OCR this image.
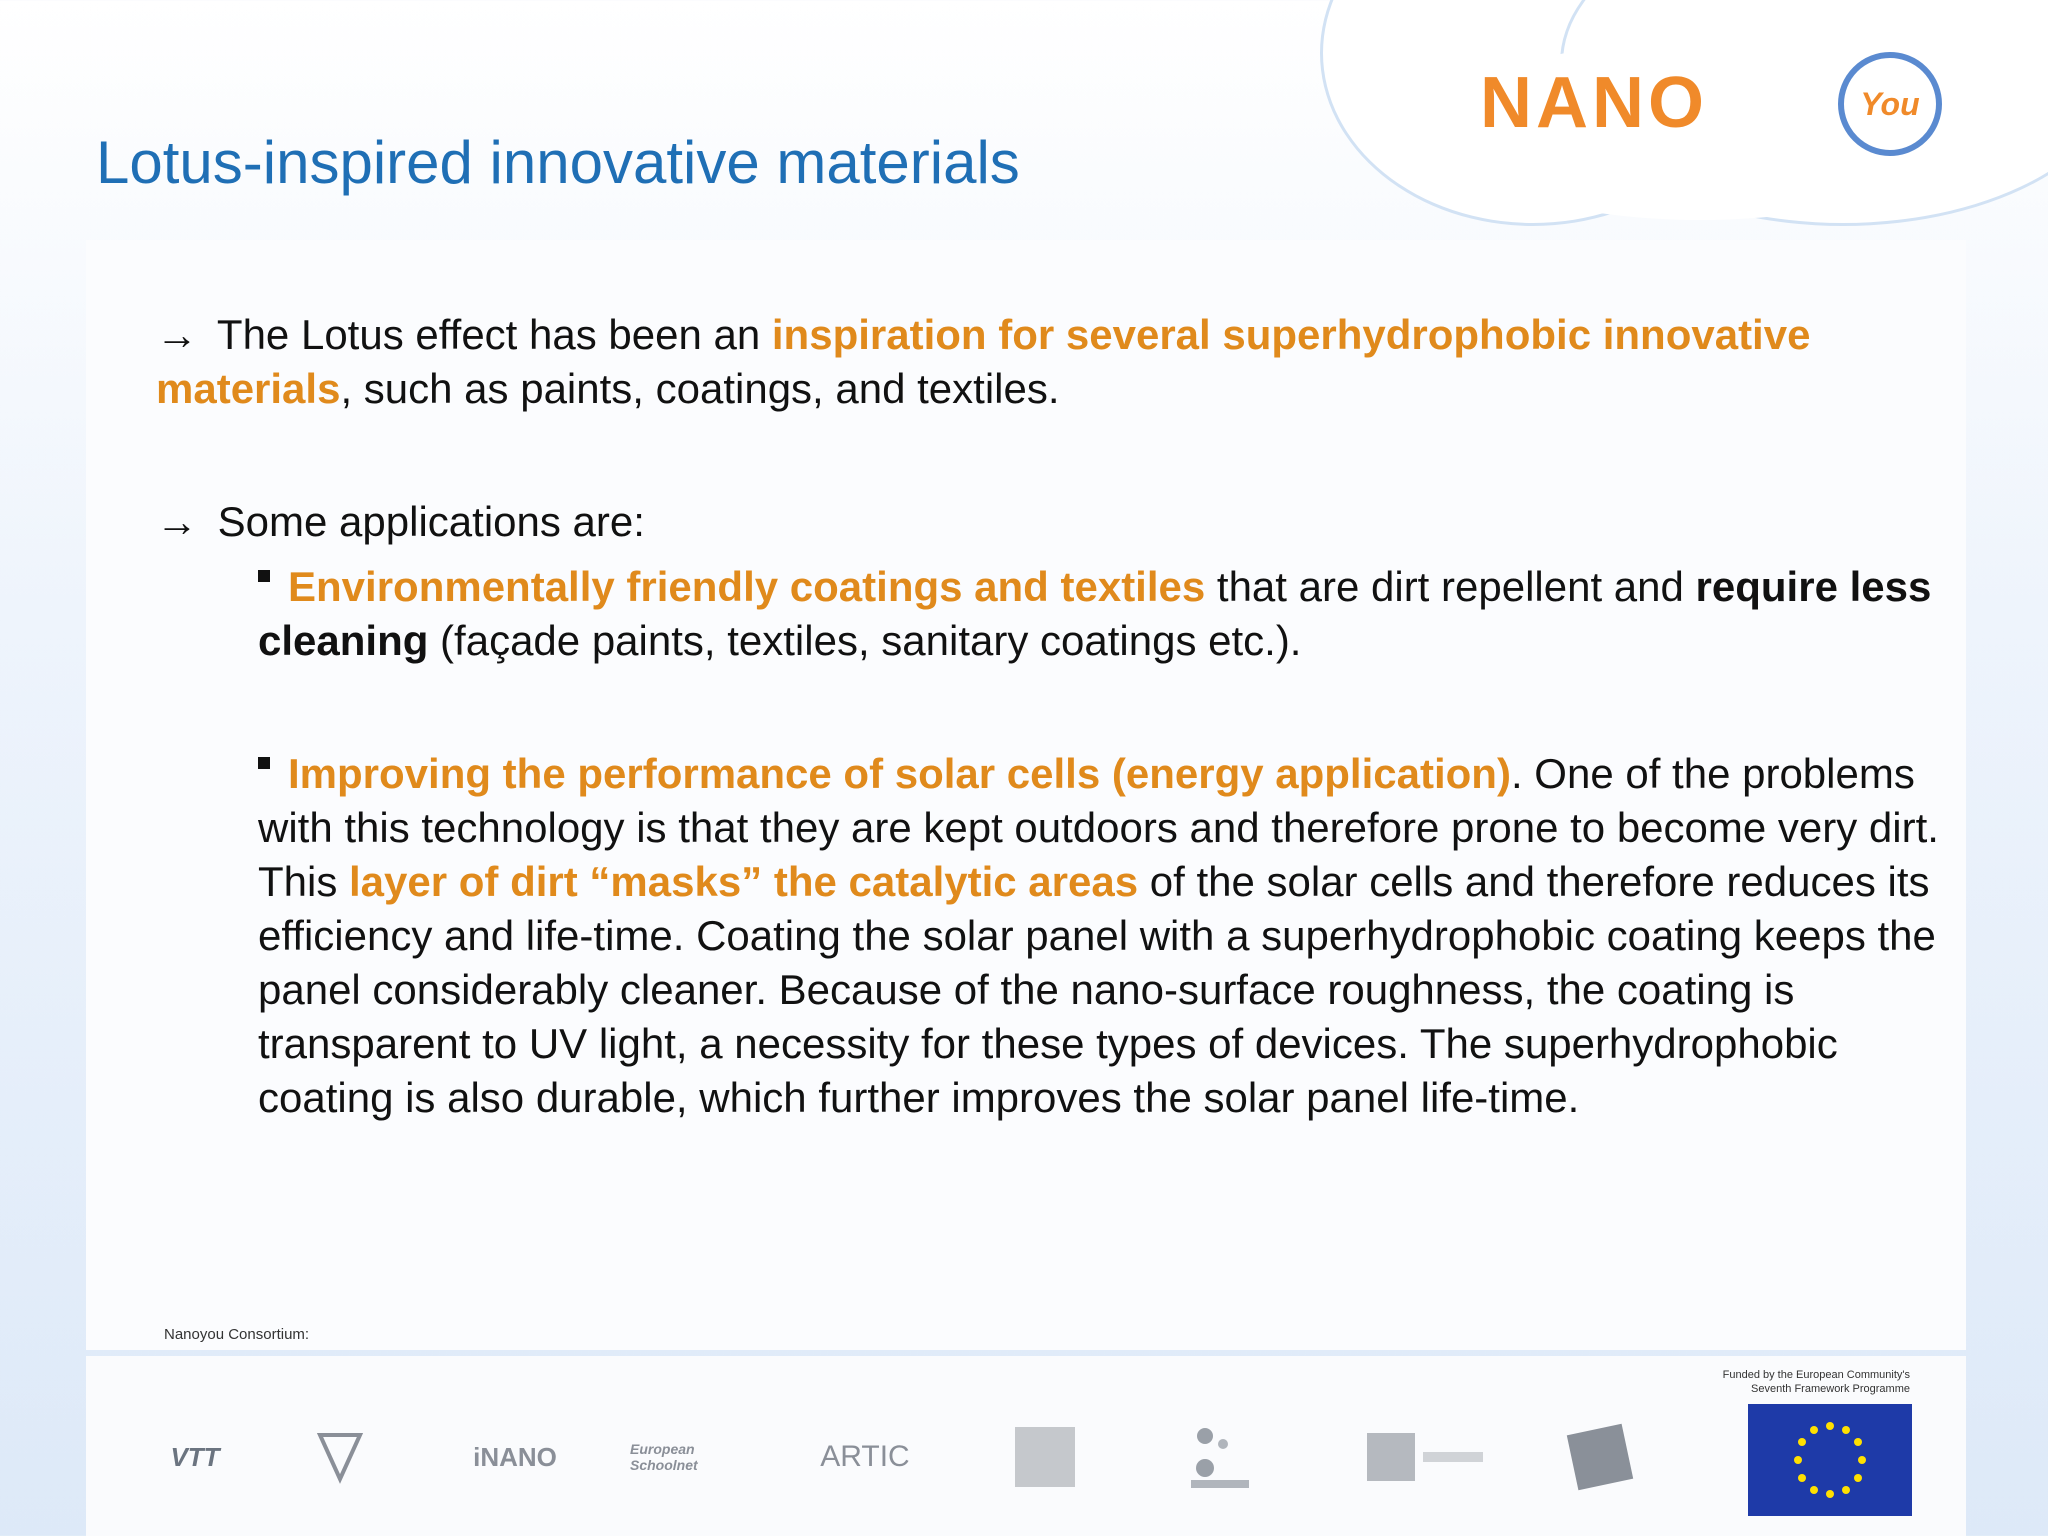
Lotus-inspired innovative materials
NANO	You

→ The Lotus effect has been an inspiration for several superhydrophobic innovative materials, such as paints, coatings, and textiles.

→ Some applications are:

Environmentally friendly coatings and textiles that are dirt repellent and require less cleaning (façade paints, textiles, sanitary coatings etc.).

Improving the performance of solar cells (energy application). One of the problems with this technology is that they are kept outdoors and therefore prone to become very dirt. This layer of dirt “masks” the catalytic areas of the solar cells and therefore reduces its efficiency and life-time. Coating the solar panel with a superhydrophobic coating keeps the panel considerably cleaner. Because of the nano-surface roughness, the coating is transparent to UV light, a necessity for these types of devices. The superhydrophobic coating is also durable, which further improves the solar panel life-time.

Nanoyou Consortium:
VTT	iNANO	European Schoolnet	ARTIC
Funded by the European Community's Seventh Framework Programme
